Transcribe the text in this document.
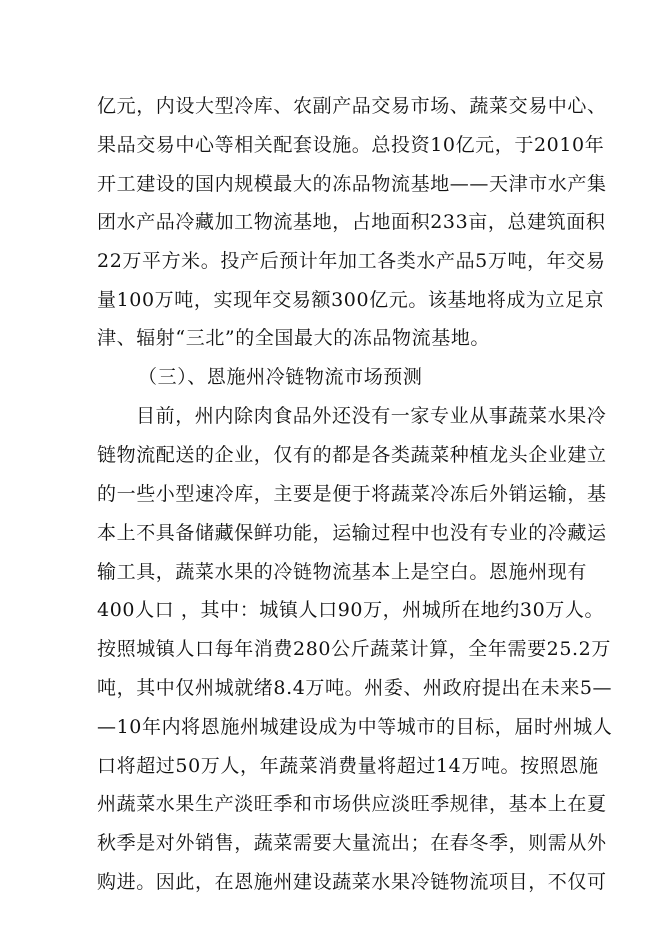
亿元，内设大型冷库、农副产品交易市场、蔬菜交易中心、
果品交易中心等相关配套设施。总投资10亿元，于2010年
开工建设的国内规模最大的冻品物流基地——天津市水产集
团水产品冷藏加工物流基地，占地面积233亩，总建筑面积
22万平方米。投产后预计年加工各类水产品5万吨，年交易
量100万吨，实现年交易额300亿元。该基地将成为立足京
津、辐射“三北”的全国最大的冻品物流基地。
（三）、恩施州冷链物流市场预测
目前，州内除肉食品外还没有一家专业从事蔬菜水果冷
链物流配送的企业，仅有的都是各类蔬菜种植龙头企业建立
的一些小型速冷库，主要是便于将蔬菜冷冻后外销运输，基
本上不具备储藏保鲜功能，运输过程中也没有专业的冷藏运
输工具，蔬菜水果的冷链物流基本上是空白。恩施州现有
400人口 ，其中：城镇人口90万，州城所在地约30万人。
按照城镇人口每年消费280公斤蔬菜计算，全年需要25.2万
吨，其中仅州城就绪8.4万吨。州委、州政府提出在未来5—
—10年内将恩施州城建设成为中等城市的目标，届时州城人
口将超过50万人，年蔬菜消费量将超过14万吨。按照恩施
州蔬菜水果生产淡旺季和市场供应淡旺季规律，基本上在夏
秋季是对外销售，蔬菜需要大量流出；在春冬季，则需从外
购进。因此，在恩施州建设蔬菜水果冷链物流项目，不仅可
